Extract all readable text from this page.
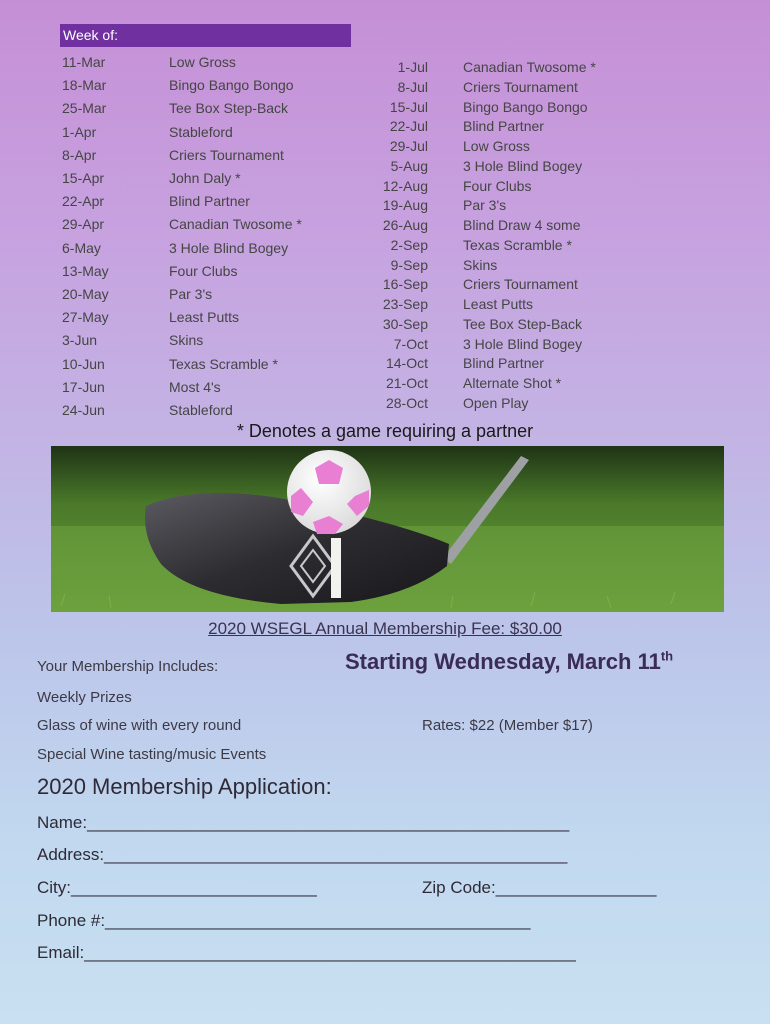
Week of:
11-Mar	Low Gross
18-Mar	Bingo Bango Bongo
25-Mar	Tee Box Step-Back
1-Apr	Stableford
8-Apr	Criers Tournament
15-Apr	John Daly *
22-Apr	Blind Partner
29-Apr	Canadian Twosome *
6-May	3 Hole Blind Bogey
13-May	Four Clubs
20-May	Par 3's
27-May	Least Putts
3-Jun	Skins
10-Jun	Texas Scramble *
17-Jun	Most 4's
24-Jun	Stableford
1-Jul	Canadian Twosome *
8-Jul	Criers Tournament
15-Jul	Bingo Bango Bongo
22-Jul	Blind Partner
29-Jul	Low Gross
5-Aug	3 Hole Blind Bogey
12-Aug	Four Clubs
19-Aug	Par 3's
26-Aug	Blind Draw 4 some
2-Sep	Texas Scramble *
9-Sep	Skins
16-Sep	Criers Tournament
23-Sep	Least Putts
30-Sep	Tee Box Step-Back
7-Oct	3 Hole Blind Bogey
14-Oct	Blind Partner
21-Oct	Alternate Shot *
28-Oct	Open Play
* Denotes a game requiring a partner
2020 WSEGL Annual Membership Fee: $30.00
Your Membership Includes:	Starting Wednesday, March 11th
Weekly Prizes
Glass of wine with every round	Rates: $22 (Member $17)
Special Wine tasting/music Events
2020 Membership Application:
Name:___________________________________________________
Address:_________________________________________________
City:__________________________	Zip Code:_________________
Phone #:_____________________________________________
Email:____________________________________________________
